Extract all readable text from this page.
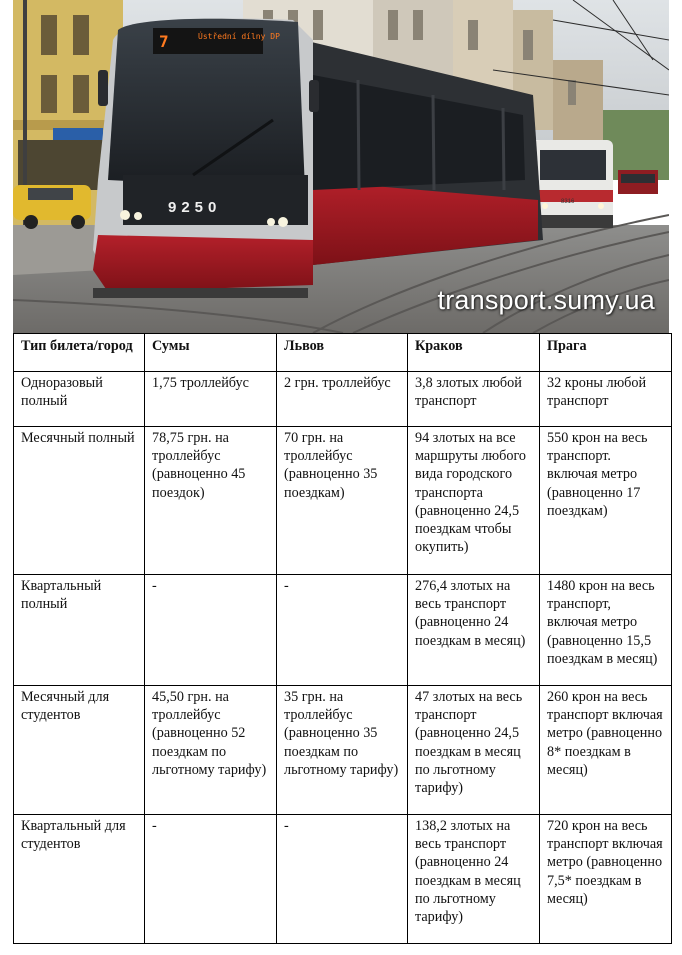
7	Ústřední dílny DP
9250	8316
transport.sumy.ua
Тип билета/город	Сумы	Львов	Краков	Прага
Одноразовый полный	1,75 троллейбус	2 грн. троллейбус	3,8 злотых любой транспорт	32 кроны любой транспорт
Месячный полный	78,75 грн. на троллейбус (равноценно 45 поездок)	70 грн. на троллейбус (равноценно 35 поездкам)	94 злотых на все маршруты любого вида городского транспорта (равноценно 24,5 поездкам чтобы окупить)	550 крон на весь транспорт. включая метро (равноценно 17 поездкам)
Квартальный полный	-	-	276,4 злотых на весь транспорт (равноценно 24 поездкам в месяц)	1480 крон на весь транспорт, включая метро (равноценно 15,5 поездкам в месяц)
Месячный для студентов	45,50 грн. на троллейбус (равноценно 52 поездкам по льготному тарифу)	35 грн. на троллейбус (равноценно 35 поездкам по льготному тарифу)	47 злотых на весь транспорт (равноценно 24,5 поездкам в месяц по льготному тарифу)	260 крон на весь транспорт включая метро (равноценно 8* поездкам в месяц)
Квартальный для студентов	-	-	138,2 злотых на весь транспорт (равноценно 24 поездкам в месяц по льготному тарифу)	720 крон на весь транспорт включая метро (равноценно 7,5* поездкам в месяц)
